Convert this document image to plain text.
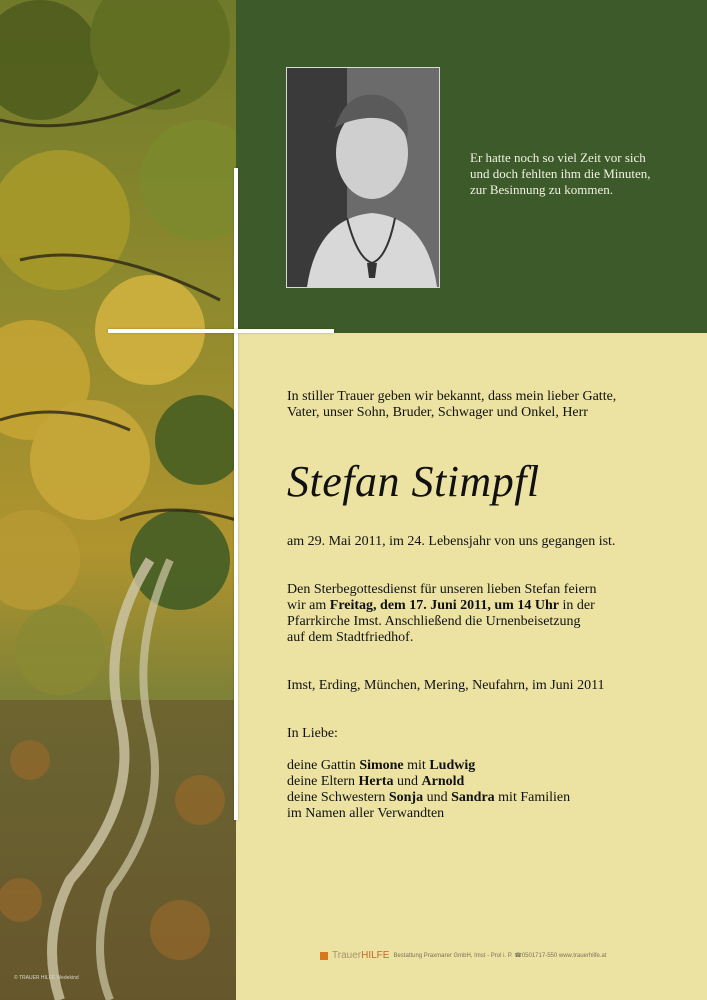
Er hatte noch so viel Zeit vor sich
und doch fehlten ihm die Minuten,
zur Besinnung zu kommen.
In stiller Trauer geben wir bekannt, dass mein lieber Gatte,
Vater, unser Sohn, Bruder, Schwager und Onkel, Herr
Stefan Stimpfl
am 29. Mai 2011, im 24. Lebensjahr von uns gegangen ist.
Den Sterbegottesdienst für unseren lieben Stefan feiern
wir am Freitag, dem 17. Juni 2011, um 14 Uhr in der
Pfarrkirche Imst. Anschließend die Urnenbeisetzung
auf dem Stadtfriedhof.
Imst, Erding, München, Mering, Neufahrn, im Juni 2011
In Liebe:
deine Gattin Simone mit Ludwig
deine Eltern Herta und Arnold
deine Schwestern Sonja und Sandra mit Familien
im Namen aller Verwandten
TrauerHILFE Bestattung Praxmarer GmbH, Imst - Prol i. P. ☎0501717-550 www.trauerhilfe.at
© TRAUER HILFE Wedekind
